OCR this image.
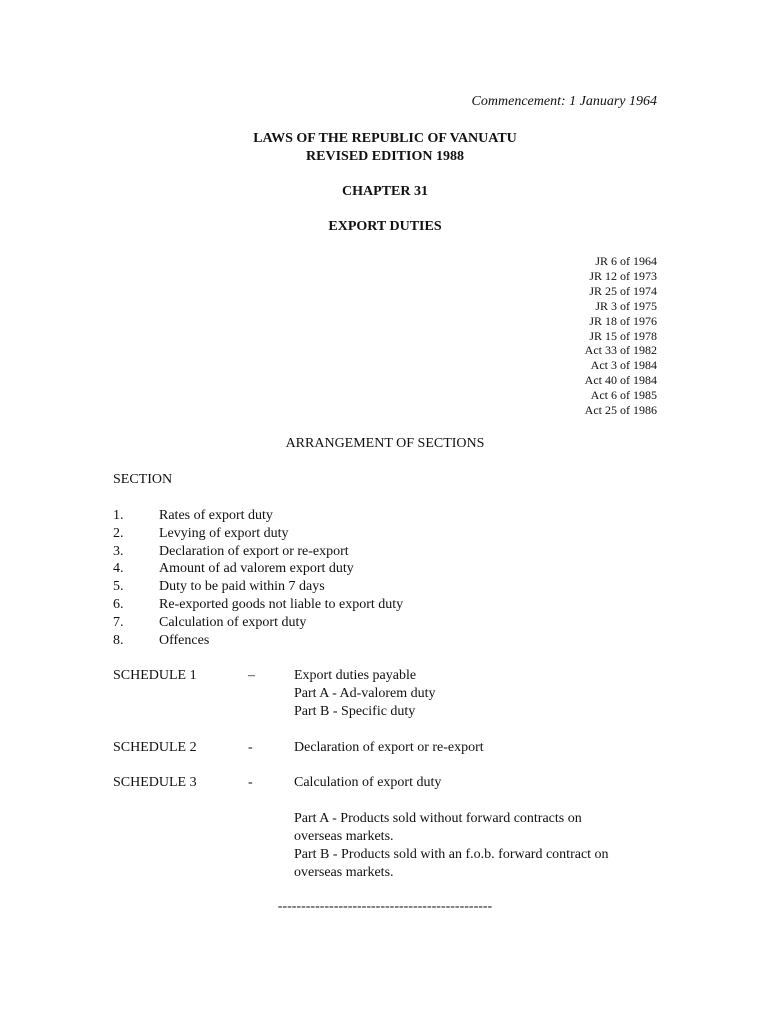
Commencement: 1 January 1964
LAWS OF THE REPUBLIC OF VANUATU
REVISED EDITION 1988
CHAPTER 31
EXPORT DUTIES
JR 6 of 1964
JR 12 of 1973
JR 25 of 1974
JR 3 of 1975
JR 18 of 1976
JR 15 of 1978
Act 33 of 1982
Act 3 of 1984
Act 40 of 1984
Act 6 of 1985
Act 25 of 1986
ARRANGEMENT OF SECTIONS
SECTION
1.	Rates of export duty
2.	Levying of export duty
3.	Declaration of export or re-export
4.	Amount of ad valorem export duty
5.	Duty to be paid within 7 days
6.	Re-exported goods not liable to export duty
7.	Calculation of export duty
8.	Offences
SCHEDULE 1	–	Export duties payable
Part A - Ad-valorem duty
Part B - Specific duty
SCHEDULE 2	-	Declaration of export or re-export
SCHEDULE 3	-	Calculation of export duty
Part A - Products sold without forward contracts on
overseas markets.
Part B - Products sold with an f.o.b. forward contract on
overseas markets.
----------------------------------------------
